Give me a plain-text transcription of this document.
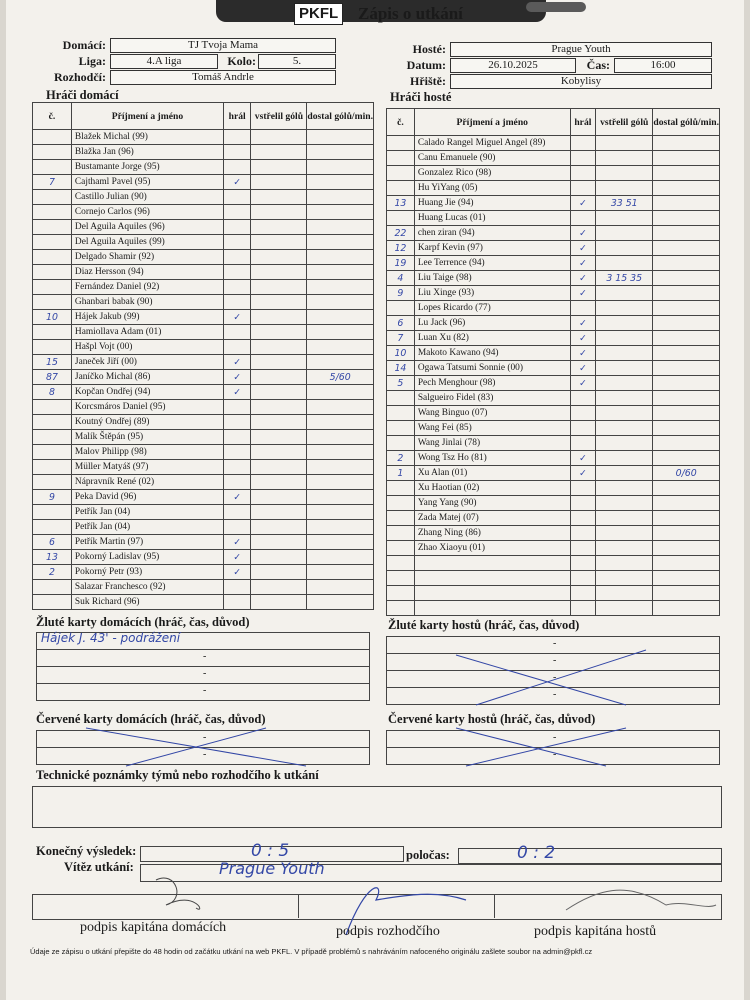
PKFL Zápis o utkání
Domácí:	TJ Tvoja Mama
Liga:	4.A liga	Kolo:	5.
Rozhodčí:	Tomáš Andrle
Hosté:	Prague Youth
Datum:	26.10.2025	Čas:	16:00
Hřiště:	Kobylisy
Hráči domácí	Hráči hosté
č.	Příjmení a jméno	hrál	vstřelil gólů	dostal gólů/min.
	Blažek Michal (99)			
	Blažka Jan (96)			
	Bustamante Jorge (95)			
7	Cajthaml Pavel (95)	✓		
	Castillo Julian (90)			
	Cornejo Carlos (96)			
	Del Aguila Aquiles (96)			
	Del Aguila Aquiles (99)			
	Delgado Shamir (92)			
	Diaz Hersson (94)			
	Fernández Daniel (92)			
	Ghanbari babak (90)			
10	Hájek Jakub (99)	✓		
	Hamiollava Adam (01)			
	Hašpl Vojt (00)			
15	Janeček Jiří (00)	✓		
87	Janíčko Michal (86)	✓		5/60
8	Kopčan Ondřej (94)	✓		
	Korcsmáros Daniel (95)			
	Koutný Ondřej (89)			
	Malík Štěpán (95)			
	Malov Philipp (98)			
	Müller Matyáš (97)			
	Nápravník René (02)			
9	Peka David (96)	✓		
	Petřík Jan (04)			
	Petřík Jan (04)			
6	Petřík Martin (97)	✓		
13	Pokorný Ladislav (95)	✓		
2	Pokorný Petr (93)	✓		
	Salazar Franchesco (92)			
	Suk Richard (96)			
č.	Příjmení a jméno	hrál	vstřelil gólů	dostal gólů/min.
	Calado Rangel Miguel Angel (89)			
	Canu Emanuele (90)			
	Gonzalez Rico (98)			
	Hu YiYang (05)			
13	Huang Jie (94)	✓	33 51	
	Huang Lucas (01)			
22	chen ziran (94)	✓		
12	Karpf Kevin (97)	✓		
19	Lee Terrence (94)	✓		
4	Liu Taige (98)	✓	3 15 35	
9	Liu Xinge (93)	✓		
	Lopes Ricardo (77)			
6	Lu Jack (96)	✓		
7	Luan Xu (82)	✓		
10	Makoto Kawano (94)	✓		
14	Ogawa Tatsumi Sonnie (00)	✓		
5	Pech Menghour (98)	✓		
	Salgueiro Fidel (83)			
	Wang Binguo (07)			
	Wang Fei (85)			
	Wang Jinlai (78)			
2	Wong Tsz Ho (81)	✓		
1	Xu Alan (01)	✓		0/60
	Xu Haotian (02)			
	Yang Yang (90)			
	Zada Matej (07)			
	Zhang Ning (86)			
	Zhao Xiaoyu (01)			

Žluté karty domácích (hráč, čas, důvod)
Hájek J. 43' - podrážení
-
-
-
Žluté karty hostů (hráč, čas, důvod)
-
-
-
-
Červené karty domácích (hráč, čas, důvod)
-
-
Červené karty hostů (hráč, čas, důvod)
-
-
Technické poznámky týmů nebo rozhodčího k utkání
Konečný výsledek:	0 : 5	poločas:	0 : 2
Vítěz utkání:	Prague Youth
podpis kapitána domácích	podpis rozhodčího	podpis kapitána hostů
Údaje ze zápisu o utkání přepište do 48 hodin od začátku utkání na web PKFL. V případě problémů s nahráváním nafoceného originálu zašlete soubor na admin@pkfl.cz
